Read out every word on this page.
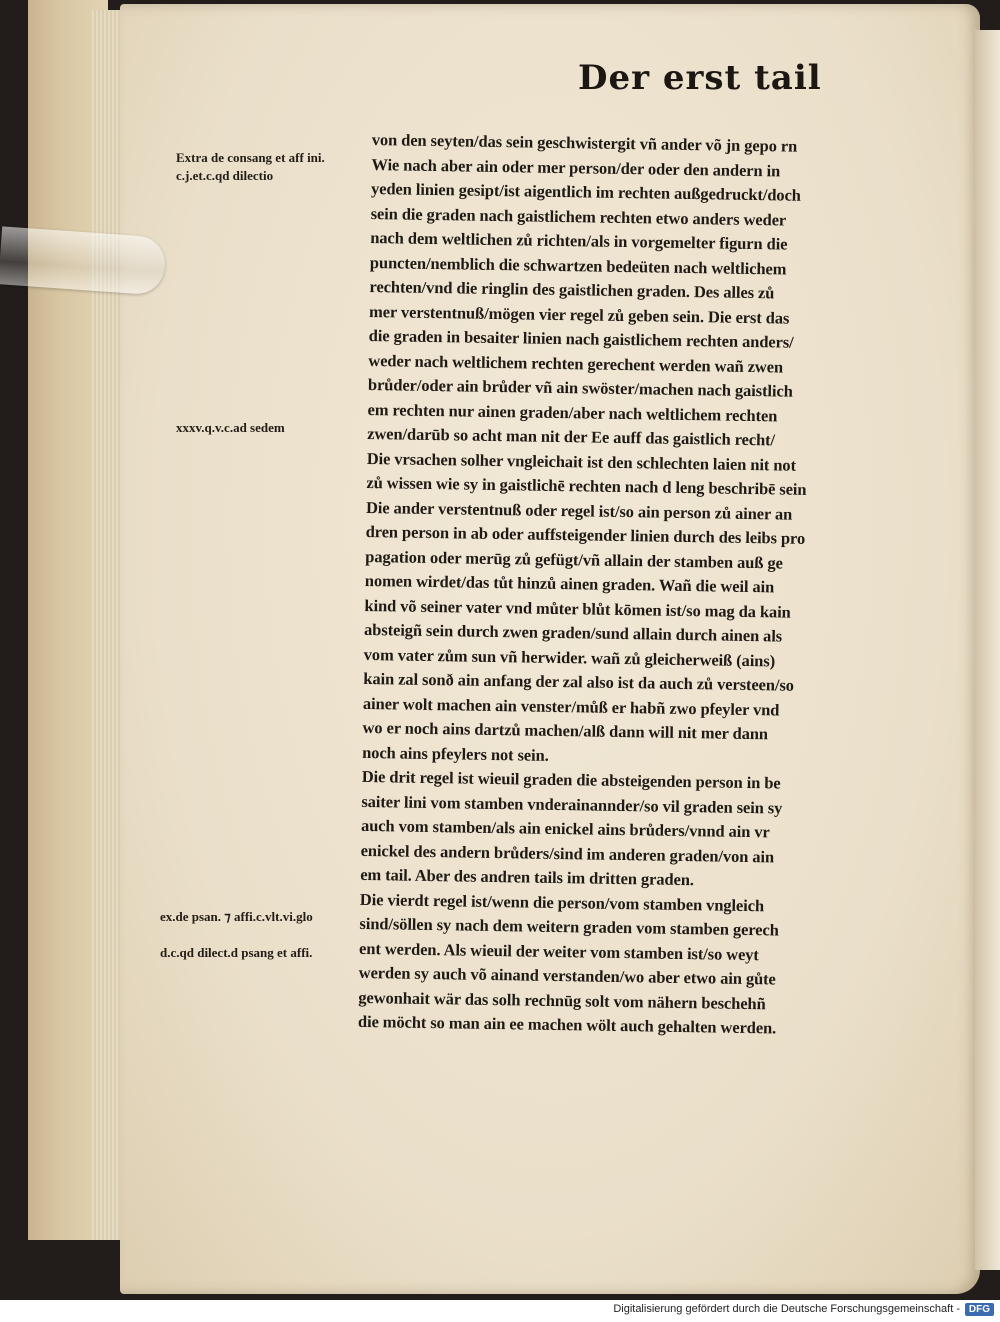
Der erst tail
Extra de consang et aff ini.
c.j.et.c.qd dilectio
xxxv.q.v.c.ad sedem
ex.de psan. ⁊ affi.c.vlt.vi.glo
d.c.qd dilect.d psang et affi.
von den seyten/das sein geschwistergit vñ ander võ jn gepo rn
Wie nach aber ain oder mer person/der oder den andern in
yeden linien gesipt/ist aigentlich im rechten außgedruckt/doch
sein die graden nach gaistlichem rechten etwo anders weder
nach dem weltlichen zů richten/als in vorgemelter figurn die
puncten/nemblich die schwartzen bedeüten nach weltlichem
rechten/vnd die ringlin des gaistlichen graden. Des alles zů
mer verstentnuß/mögen vier regel zů geben sein. Die erst das
die graden in besaiter linien nach gaistlichem rechten anders/
weder nach weltlichem rechten gerechent werden wañ zwen
brůder/oder ain brůder vñ ain swöster/machen nach gaistlich
em rechten nur ainen graden/aber nach weltlichem rechten
zwen/darūb so acht man nit der Ee auff das gaistlich recht/
Die vrsachen solher vngleichait ist den schlechten laien nit not
zů wissen wie sy in gaistlichē rechten nach d leng beschribē sein
Die ander verstentnuß oder regel ist/so ain person zů ainer an
dren person in ab oder auffsteigender linien durch des leibs pro
pagation oder merūg zů gefügt/vñ allain der stamben auß ge
nomen wirdet/das tůt hinzů ainen graden. Wañ die weil ain
kind võ seiner vater vnd můter blůt kōmen ist/so mag da kain
absteigñ sein durch zwen graden/sund allain durch ainen als
vom vater zům sun vñ herwider. wañ zů gleicherweiß (ains)
kain zal sonð ain anfang der zal also ist da auch zů versteen/so
ainer wolt machen ain venster/můß er habñ zwo pfeyler vnd
wo er noch ains dartzů machen/alß dann will nit mer dann
noch ains pfeylers not sein.
Die drit regel ist wieuil graden die absteigenden person in be
saiter lini vom stamben vnderainannder/so vil graden sein sy
auch vom stamben/als ain enickel ains brůders/vnnd ain vr
enickel des andern brůders/sind im anderen graden/von ain
em tail. Aber des andren tails im dritten graden.
Die vierdt regel ist/wenn die person/vom stamben vngleich
sind/söllen sy nach dem weitern graden vom stamben gerech
ent werden. Als wieuil der weiter vom stamben ist/so weyt
werden sy auch võ ainand verstanden/wo aber etwo ain gůte
gewonhait wär das solh rechnūg solt vom nähern beschehñ
die möcht so man ain ee machen wölt auch gehalten werden.
Digitalisierung gefördert durch die Deutsche Forschungsgemeinschaft - DFG
